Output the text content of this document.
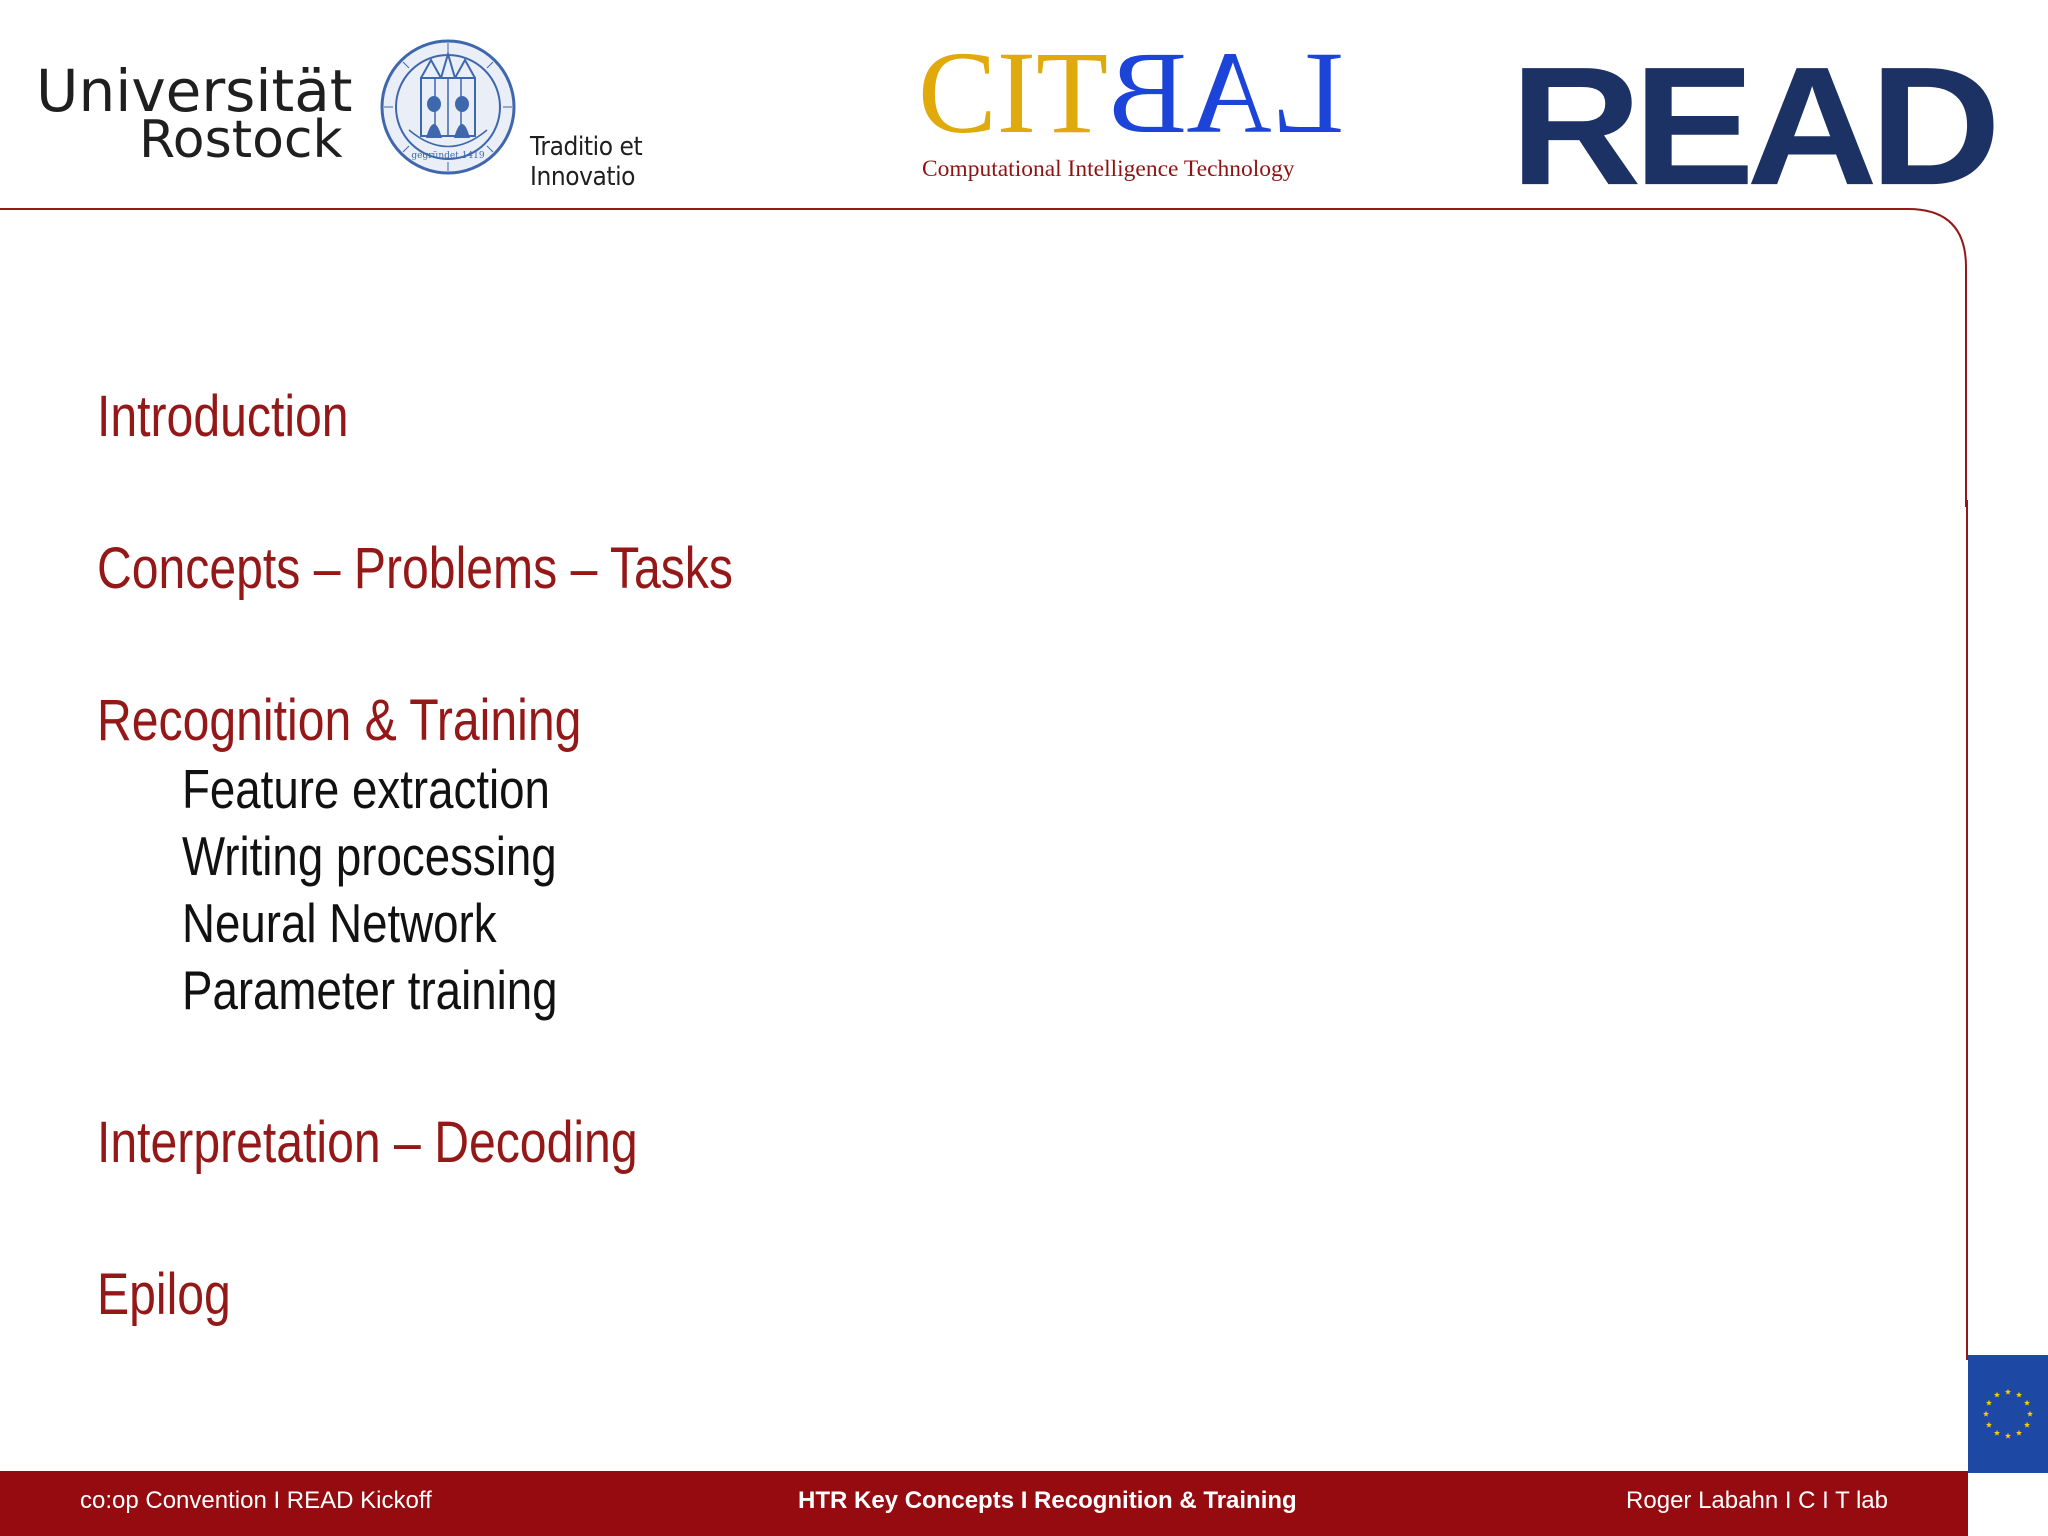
Universität

Rostock	gegründet 1419 Traditio et Innovatio

CITLAB

Computational Intelligence Technology READ

Introduction

Concepts – Problems – Tasks

Recognition & Training

Feature extraction

Writing processing

Neural Network

Parameter training

Interpretation – Decoding

Epilog

co:op Convention I READ Kickoff	HTR Key Concepts I Recognition & Training	Roger Labahn I C I T lab
